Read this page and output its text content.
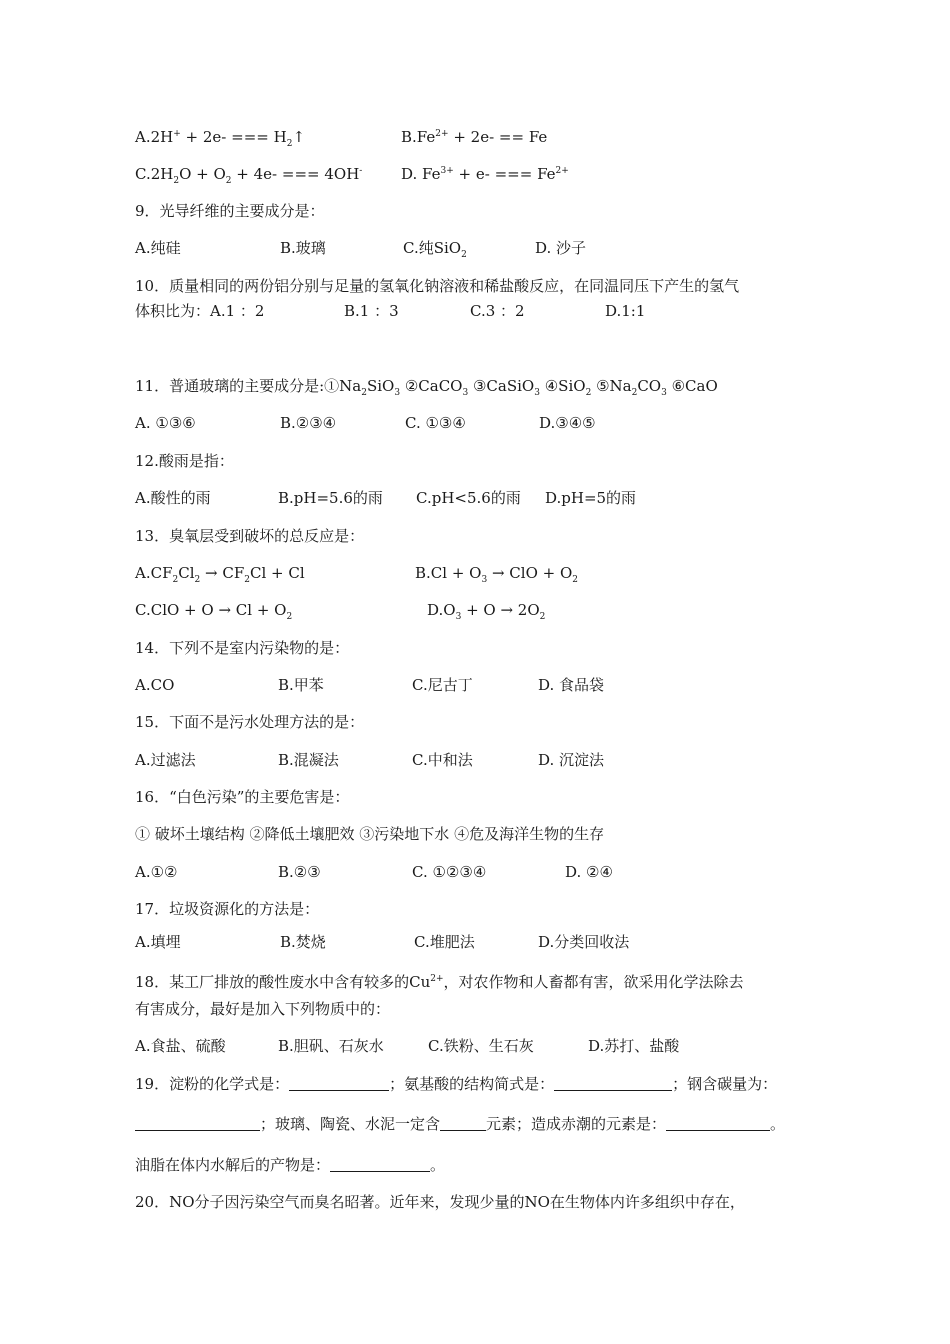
A.2H+ + 2e- === $H_2↑$	$B.Fe^{2+} + 2e- == Fe$
$C.2H_2O + O_2 + 4e-$ === 4OH-	D. $Fe^{3+} + e-$ === $Fe^{2+}$
9．光导纤维的主要成分是：
A.纯硅	B.玻璃	C.纯SiO$_2$	D. 沙子
10．质量相同的两份铝分别与足量的氢氧化钠溶液和稀盐酸反应，在同温同压下产生的氢气
体积比为：A.1 ：2	B.1 ：3	C.3 ：2	D.1:1
11．普通玻璃的主要成分是$:①Na_2SiO_3$ ②CaCO$_3$ ③CaSiO$_3$ ④SiO$_2$ $⑤Na_2CO_3$ ⑥CaO
A. ①③⑥	B.②③④	C. ①③④	D.③④⑤
12.酸雨是指：
A.酸性的雨	B.pH=5.6的雨 C.pH<5.6的雨 D.pH=5的雨
13．臭氧层受到破坏的总反应是：
$A.CF_2Cl_2 \to CF_2Cl + Cl$	$B.Cl + O_3$ → ClO + $O_2$
$C.ClO + O \to Cl + O_2$	$D.O_3 + O \to 2O_2$
14．下列不是室内污染物的是：
A.CO	B.甲苯	C.尼古丁	D. 食品袋
15．下面不是污水处理方法的是：
A.过滤法	B.混凝法	C.中和法	D. 沉淀法
16．“白色污染”的主要危害是：
① 破坏土壤结构 ②降低土壤肥效 ③污染地下水 ④危及海洋生物的生存
A.①②	B.②③	C. ①②③④	D. ②④
17．垃圾资源化的方法是：
A.填埋	B.焚烧	C.堆肥法	D.分类回收法
18．某工厂排放的酸性废水中含有较多的$Cu^{2+}$，对农作物和人畜都有害，欲采用化学法除去
有害成分，最好是加入下列物质中的：
A.食盐、硫酸	B.胆矾、石灰水	C.铁粉、生石灰	D.苏打、盐酸
19．淀粉的化学式是：	；氨基酸的结构简式是：	；钢含碳量为：
；玻璃、陶瓷、水泥一定含	元素；造成赤潮的元素是：	。
油脂在体内水解后的产物是：	。
20．NO分子因污染空气而臭名昭著。近年来，发现少量的NO在生物体内许多组织中存在，
